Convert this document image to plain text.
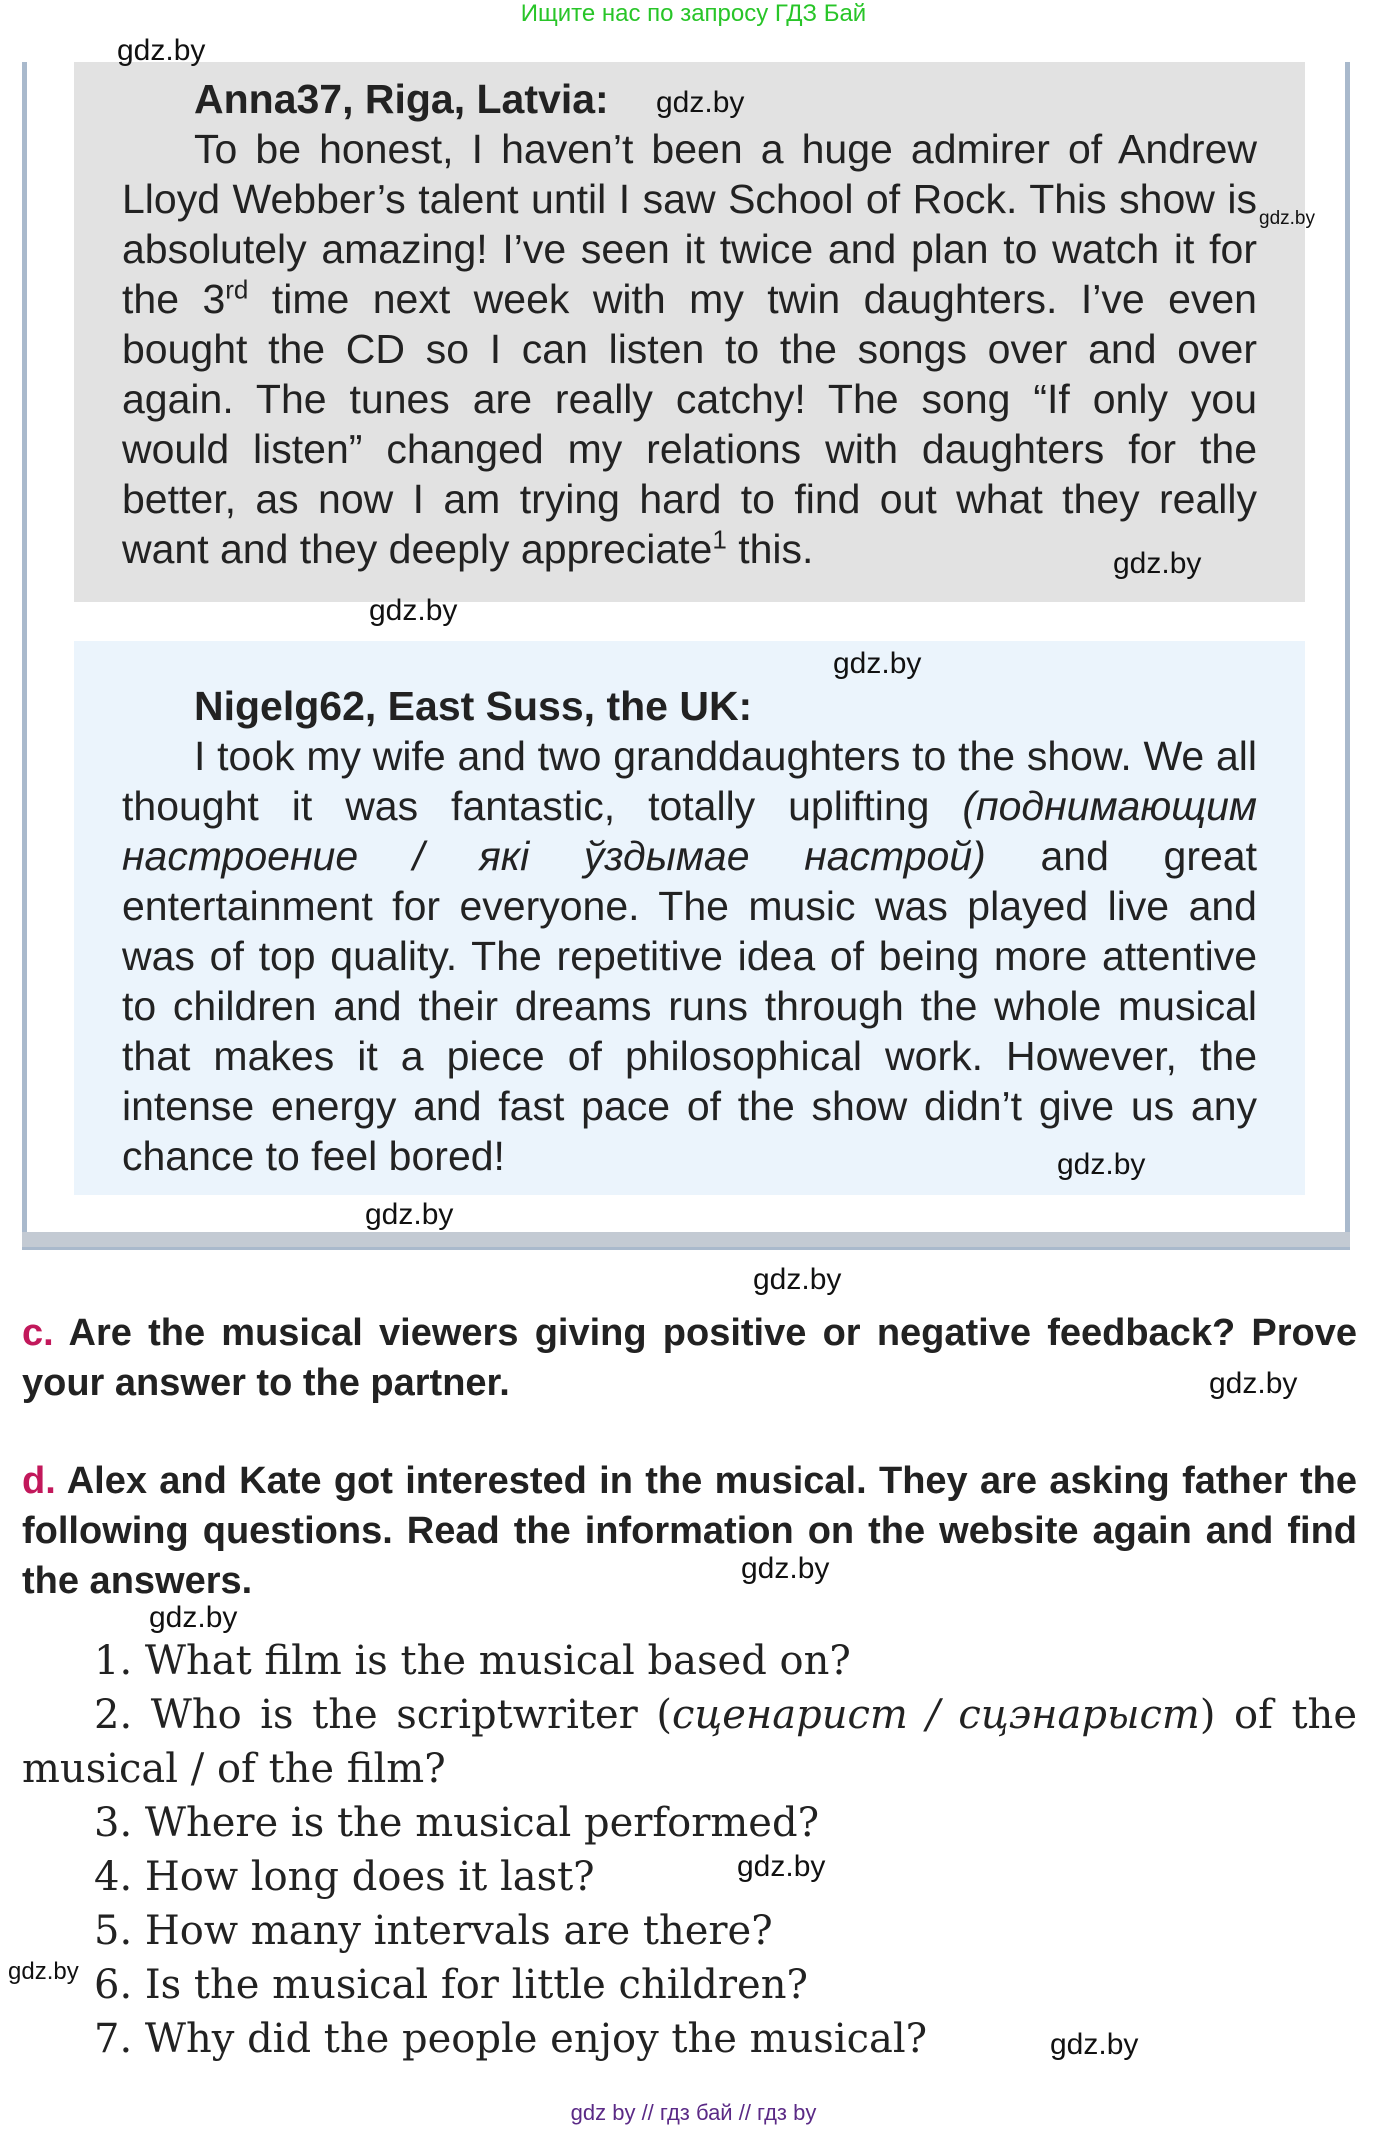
Ищите нас по запросу ГДЗ Бай

Anna37, Riga, Latvia:

To be honest, I haven’t been a huge admirer of Andrew Lloyd Webber’s talent until I saw School of Rock. This show is absolutely amazing! I’ve seen it twice and plan to watch it for the 3rd time next week with my twin daughters. I’ve even bought the CD so I can listen to the songs over and over again. The tunes are really catchy! The song “If only you would listen” changed my relations with daughters for the better, as now I am trying hard to find out what they really want and they deeply appreciate$^1$ this.

Nigelg62, East Suss, the UK:

I took my wife and two granddaughters to the show. We all thought it was fantastic, totally uplifting (поднимающим настроение / які ўздымае настрой) and great entertainment for everyone. The music was played live and was of top quality. The repetitive idea of being more attentive to children and their dreams runs through the whole musical that makes it a piece of philosophical work. However, the intense energy and fast pace of the show didn’t give us any chance to feel bored!

c. Are the musical viewers giving positive or negative feedback? Prove your answer to the partner.

d. Alex and Kate got interested in the musical. They are asking father the following questions. Read the information on the website again and find the answers.

1. What film is the musical based on?

2. Who is the scriptwriter (сценарист / сцэнарыст) of the musical / of the film?

3. Where is the musical performed?

4. How long does it last?

5. How many intervals are there?

6. Is the musical for little children?

7. Why did the people enjoy the musical?

gdz.by
gdz.by
gdz.by
gdz.by
gdz.by
gdz.by
gdz.by
gdz.by
gdz.by
gdz.by
gdz.by
gdz.by
gdz.by
gdz.by
gdz.by
gdz by // гдз бай // гдз by
